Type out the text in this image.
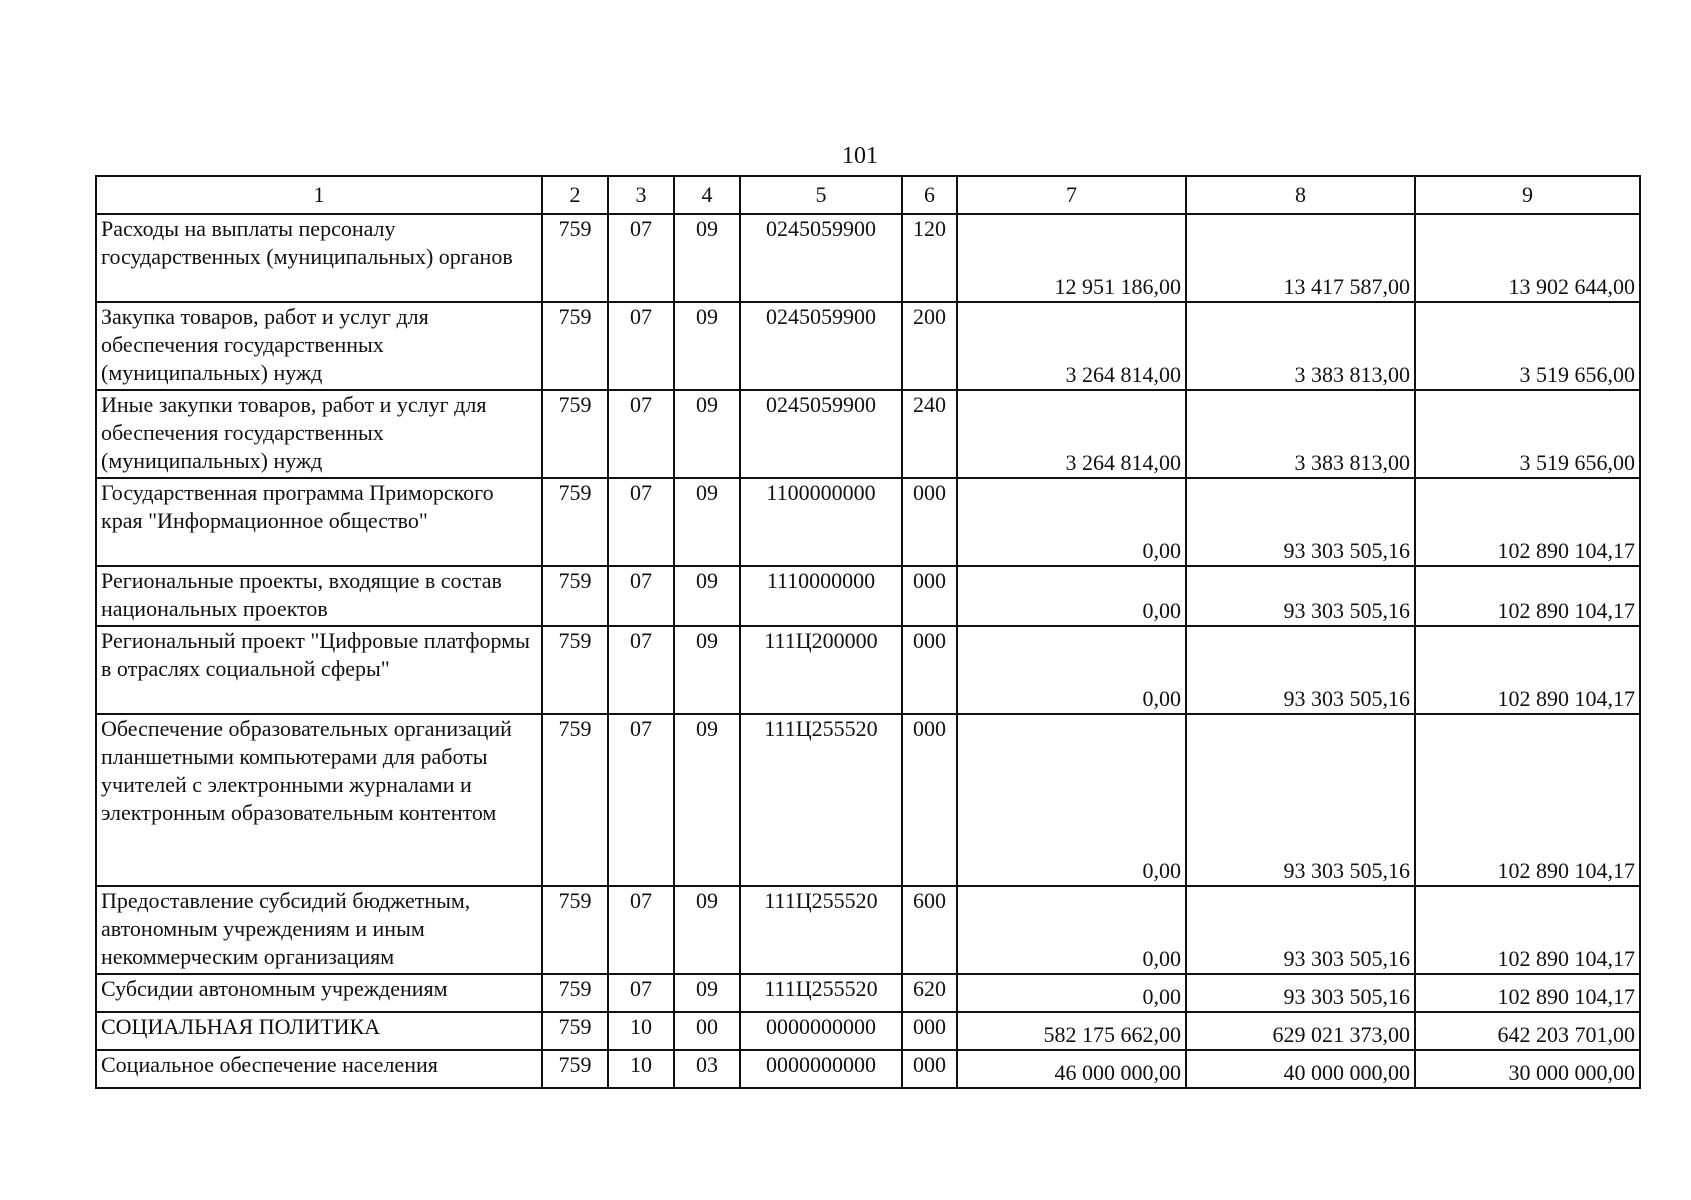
101
1	2	3	4	5	6	7	8	9
Расходы на выплаты персоналу государственных (муниципальных) органов	759	07	09	0245059900	120	12 951 186,00	13 417 587,00	13 902 644,00
Закупка товаров, работ и услуг для обеспечения государственных (муниципальных) нужд	759	07	09	0245059900	200	3 264 814,00	3 383 813,00	3 519 656,00
Иные закупки товаров, работ и услуг для обеспечения государственных (муниципальных) нужд	759	07	09	0245059900	240	3 264 814,00	3 383 813,00	3 519 656,00
Государственная программа Приморского края "Информационное общество"	759	07	09	1100000000	000	0,00	93 303 505,16	102 890 104,17
Региональные проекты, входящие в состав национальных проектов	759	07	09	1110000000	000	0,00	93 303 505,16	102 890 104,17
Региональный проект "Цифровые платформы в отраслях социальной сферы"	759	07	09	111Ц200000	000	0,00	93 303 505,16	102 890 104,17
Обеспечение образовательных организаций планшетными компьютерами для работы учителей с электронными журналами и электронным образовательным контентом	759	07	09	111Ц255520	000	0,00	93 303 505,16	102 890 104,17
Предоставление субсидий бюджетным, автономным учреждениям и иным некоммерческим организациям	759	07	09	111Ц255520	600	0,00	93 303 505,16	102 890 104,17
Субсидии автономным учреждениям	759	07	09	111Ц255520	620	0,00	93 303 505,16	102 890 104,17
СОЦИАЛЬНАЯ ПОЛИТИКА	759	10	00	0000000000	000	582 175 662,00	629 021 373,00	642 203 701,00
Социальное обеспечение населения	759	10	03	0000000000	000	46 000 000,00	40 000 000,00	30 000 000,00
